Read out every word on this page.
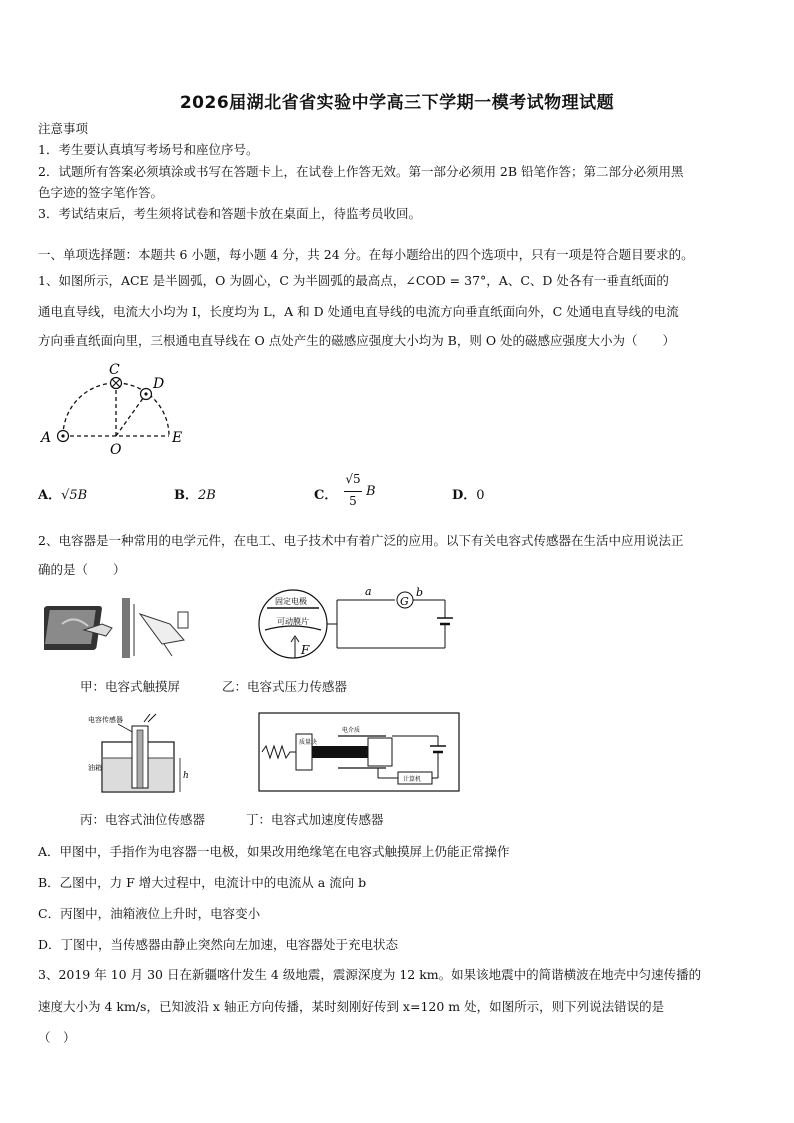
2026届湖北省省实验中学高三下学期一模考试物理试题
注意事项
1．考生要认真填写考场号和座位序号。
2．试题所有答案必须填涂或书写在答题卡上，在试卷上作答无效。第一部分必须用 2B 铅笔作答；第二部分必须用黑
色字迹的签字笔作答。
3．考试结束后，考生须将试卷和答题卡放在桌面上，待监考员收回。
一、单项选择题：本题共 6 小题，每小题 4 分，共 24 分。在每小题给出的四个选项中，只有一项是符合题目要求的。
1、如图所示，ACE 是半圆弧，O 为圆心，C 为半圆弧的最高点，∠COD = 37°，A、C、D 处各有一垂直纸面的
通电直导线，电流大小均为 I，长度均为 L，A 和 D 处通电直导线的电流方向垂直纸面向外，C 处通电直导线的电流
方向垂直纸面向里，三根通电直导线在 O 点处产生的磁感应强度大小均为 B，则 O 处的磁感应强度大小为（　　）
A
C
D
E
O
A．√5B	B．2B	C．
√5
5
B	D．0
2、电容器是一种常用的电学元件，在电工、电子技术中有着广泛的应用。以下有关电容式传感器在生活中应用说法正
确的是（　　）
固定电极
可动膜片
F
G
a	b
甲：电容式触摸屏	乙：电容式压力传感器
电容传感器
油箱
h
质量块
电介质
计算机
丙：电容式油位传感器	丁：电容式加速度传感器
A．甲图中，手指作为电容器一电极，如果改用绝缘笔在电容式触摸屏上仍能正常操作
B．乙图中，力 F 增大过程中，电流计中的电流从 a 流向 b
C．丙图中，油箱液位上升时，电容变小
D．丁图中，当传感器由静止突然向左加速，电容器处于充电状态
3、2019 年 10 月 30 日在新疆喀什发生 4 级地震，震源深度为 12 km。如果该地震中的简谐横波在地壳中匀速传播的
速度大小为 4 km/s，已知波沿 x 轴正方向传播，某时刻刚好传到 x=120 m 处，如图所示，则下列说法错误的是
（　）
